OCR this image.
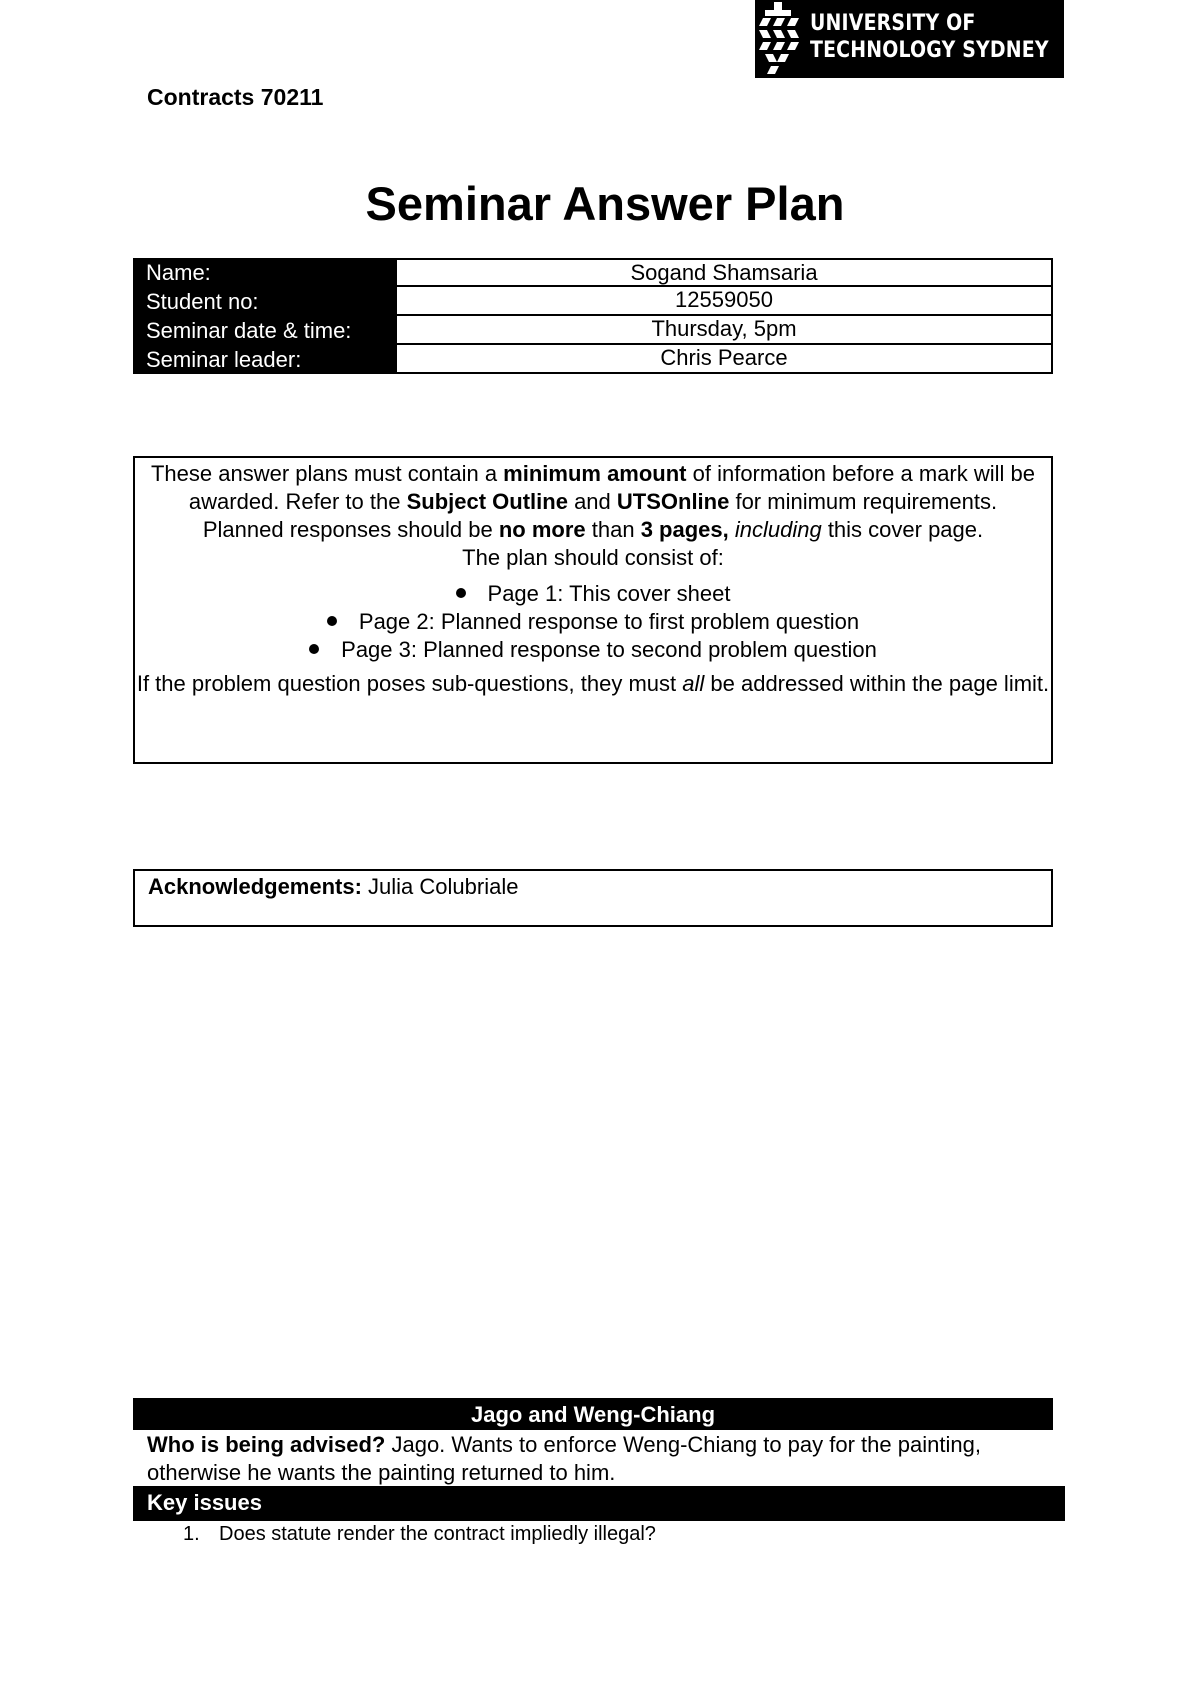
UNIVERSITY OF
TECHNOLOGY SYDNEY
Contracts 70211
Seminar Answer Plan
Name:	Sogand Shamsaria
Student no:	12559050
Seminar date & time:	Thursday, 5pm
Seminar leader:	Chris Pearce

These answer plans must contain a minimum amount of information before a mark will be awarded. Refer to the Subject Outline and UTSOnline for minimum requirements.

Planned responses should be no more than 3 pages, including this cover page.

The plan should consist of:

Page 1: This cover sheet
Page 2: Planned response to first problem question
Page 3: Planned response to second problem question

If the problem question poses sub-questions, they must all be addressed within the page limit.

Acknowledgements: Julia Colubriale
Jago and Weng-Chiang
Who is being advised? Jago. Wants to enforce Weng-Chiang to pay for the painting, otherwise he wants the painting returned to him.
Key issues
1. Does statute render the contract impliedly illegal?
